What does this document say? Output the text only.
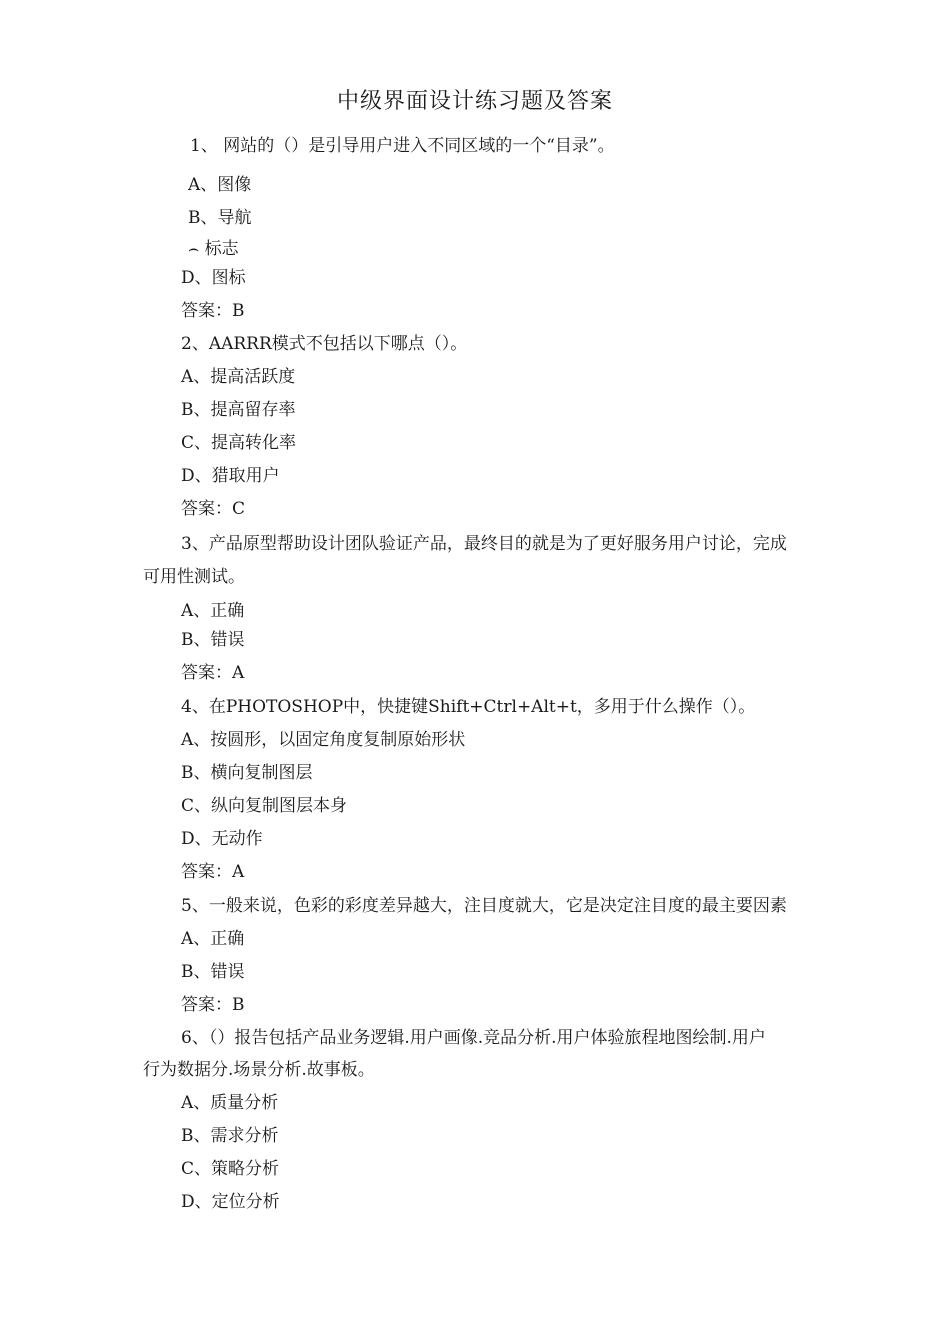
中级界面设计练习题及答案
1、 网站的（）是引导用户进入不同区域的一个“目录”。
A、图像
B、导航
⌢ 标志
D、图标
答案：B
2、AARRR模式不包括以下哪点（）。
A、提高活跃度
B、提高留存率
C、提高转化率
D、猎取用户
答案：C
3、产品原型帮助设计团队验证产品，最终目的就是为了更好服务用户讨论，完成
可用性测试。
A、正确
B、错误
答案：A
4、在PHOTOSHOP中，快捷键Shift+Ctrl+Alt+t，多用于什么操作（）。
A、按圆形，以固定角度复制原始形状
B、横向复制图层
C、纵向复制图层本身
D、无动作
答案：A
5、一般来说，色彩的彩度差异越大，注目度就大，它是决定注目度的最主要因素
A、正确
B、错误
答案：B
6、（）报告包括产品业务逻辑.用户画像.竞品分析.用户体验旅程地图绘制.用户
行为数据分.场景分析.故事板。
A、质量分析
B、需求分析
C、策略分析
D、定位分析
